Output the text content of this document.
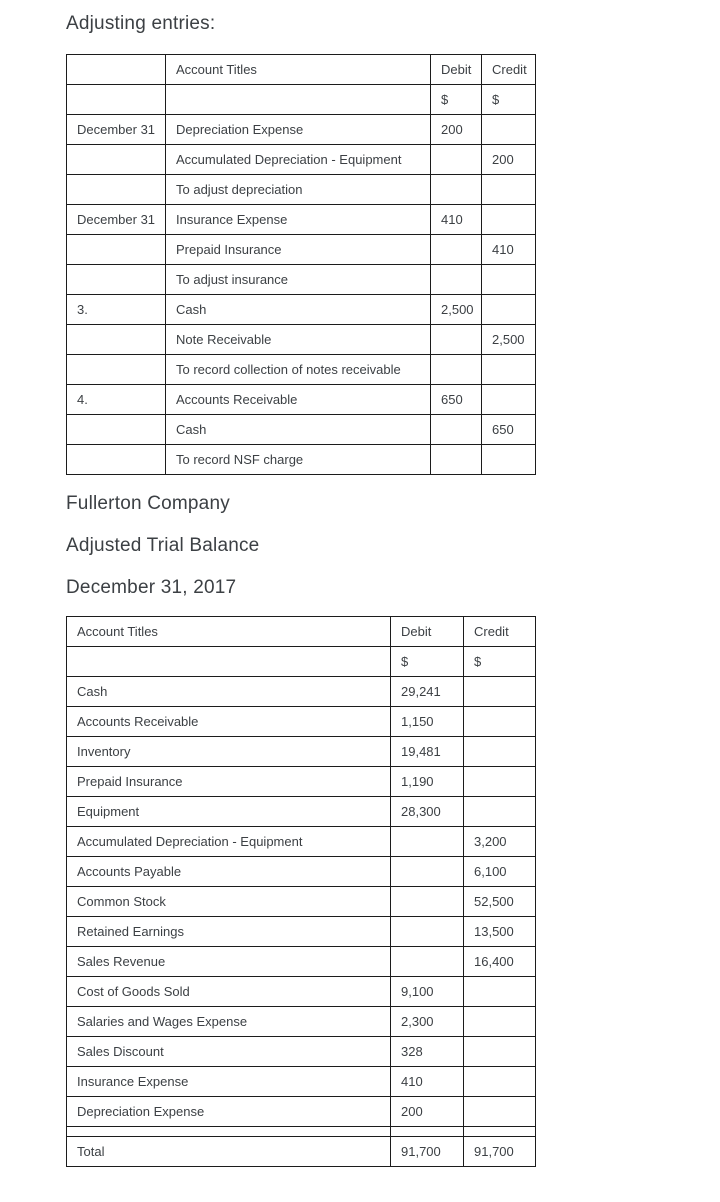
Adjusting entries:
	Account Titles	Debit	Credit
		$	$
December 31	Depreciation Expense	200	
	Accumulated Depreciation - Equipment		200
	To adjust depreciation		
December 31	Insurance Expense	410	
	Prepaid Insurance		410
	To adjust insurance		
3.	Cash	2,500	
	Note Receivable		2,500
	To record collection of notes receivable		
4.	Accounts Receivable	650	
	Cash		650
	To record NSF charge		
Fullerton Company
Adjusted Trial Balance
December 31, 2017
Account Titles	Debit	Credit
	$	$
Cash	29,241	
Accounts Receivable	1,150	
Inventory	19,481	
Prepaid Insurance	1,190	
Equipment	28,300	
Accumulated Depreciation - Equipment		3,200
Accounts Payable		6,100
Common Stock		52,500
Retained Earnings		13,500
Sales Revenue		16,400
Cost of Goods Sold	9,100	
Salaries and Wages Expense	2,300	
Sales Discount	328	
Insurance Expense	410	
Depreciation Expense	200	

Total	91,700	91,700
